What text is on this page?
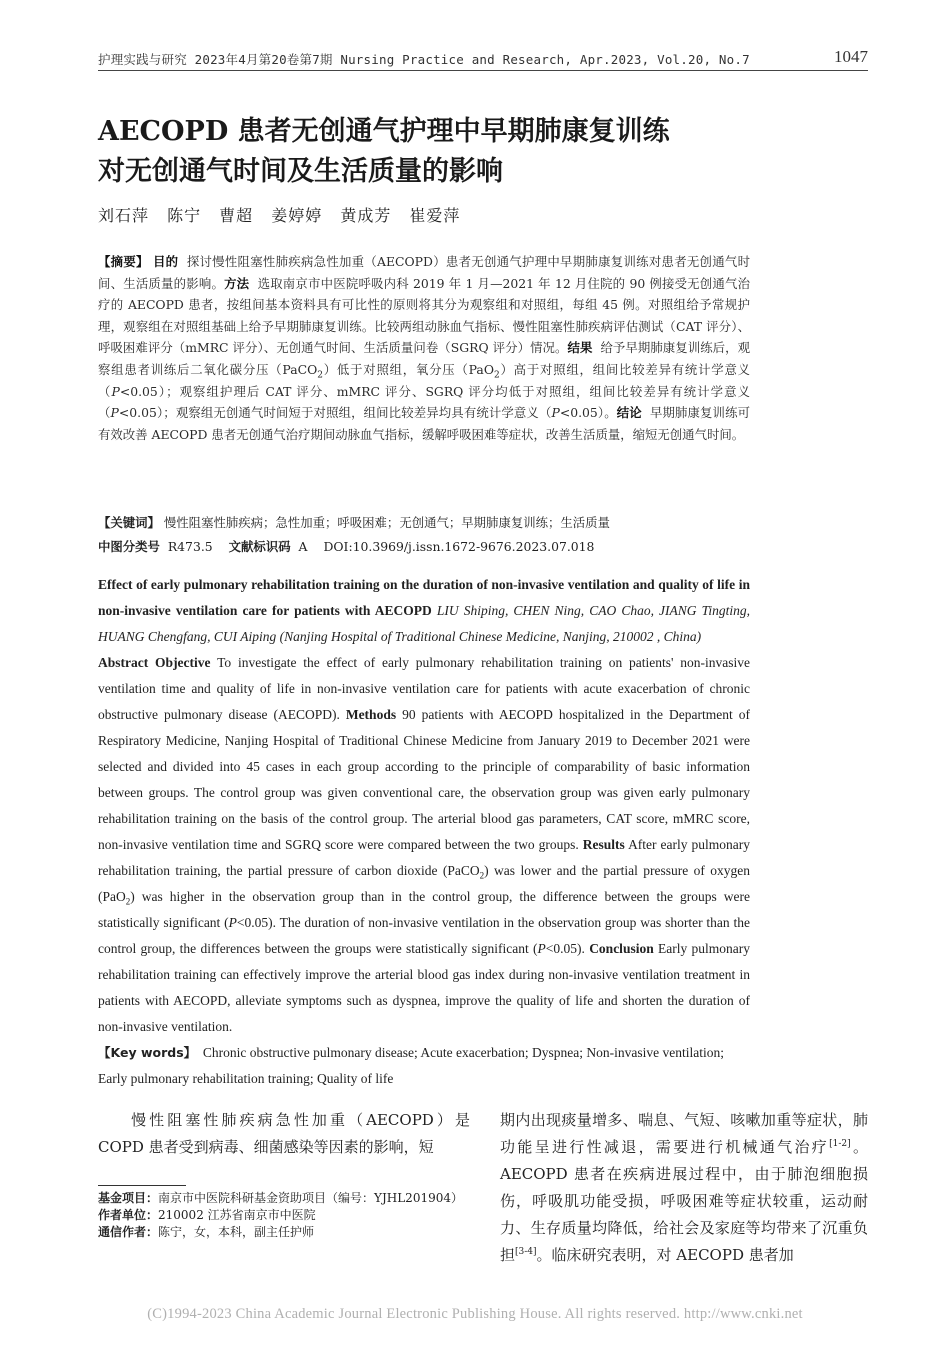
护理实践与研究 2023年4月第20卷第7期 Nursing Practice and Research, Apr.2023, Vol.20, No.7	1047
AECOPD 患者无创通气护理中早期肺康复训练
对无创通气时间及生活质量的影响
刘石萍 陈宁 曹超 姜婷婷 黄成芳 崔爱萍
【摘要】 目的 探讨慢性阻塞性肺疾病急性加重（AECOPD）患者无创通气护理中早期肺康复训练对患者无创通气时间、生活质量的影响。方法 选取南京市中医院呼吸内科 2019 年 1 月—2021 年 12 月住院的 90 例接受无创通气治疗的 AECOPD 患者，按组间基本资料具有可比性的原则将其分为观察组和对照组，每组 45 例。对照组给予常规护理，观察组在对照组基础上给予早期肺康复训练。比较两组动脉血气指标、慢性阻塞性肺疾病评估测试（CAT 评分）、呼吸困难评分（mMRC 评分）、无创通气时间、生活质量问卷（SGRQ 评分）情况。结果 给予早期肺康复训练后，观察组患者训练后二氧化碳分压（PaCO$_2$）低于对照组，氧分压（PaO$_2$）高于对照组，组间比较差异有统计学意义（P<0.05）；观察组护理后 CAT 评分、mMRC 评分、SGRQ 评分均低于对照组，组间比较差异有统计学意义（P<0.05）；观察组无创通气时间短于对照组，组间比较差异均具有统计学意义（P<0.05）。结论 早期肺康复训练可有效改善 AECOPD 患者无创通气治疗期间动脉血气指标，缓解呼吸困难等症状，改善生活质量，缩短无创通气时间。
【关键词】 慢性阻塞性肺疾病；急性加重；呼吸困难；无创通气；早期肺康复训练；生活质量
中图分类号 R473.5 文献标识码 A DOI:10.3969/j.issn.1672-9676.2023.07.018
Effect of early pulmonary rehabilitation training on the duration of non-invasive ventilation and quality of life in non-invasive ventilation care for patients with AECOPD LIU Shiping, CHEN Ning, CAO Chao, JIANG Tingting, HUANG Chengfang, CUI Aiping (Nanjing Hospital of Traditional Chinese Medicine, Nanjing, 210002 , China)
Abstract Objective To investigate the effect of early pulmonary rehabilitation training on patients' non-invasive ventilation time and quality of life in non-invasive ventilation care for patients with acute exacerbation of chronic obstructive pulmonary disease (AECOPD). Methods 90 patients with AECOPD hospitalized in the Department of Respiratory Medicine, Nanjing Hospital of Traditional Chinese Medicine from January 2019 to December 2021 were selected and divided into 45 cases in each group according to the principle of comparability of basic information between groups. The control group was given conventional care, the observation group was given early pulmonary rehabilitation training on the basis of the control group. The arterial blood gas parameters, CAT score, mMRC score, non-invasive ventilation time and SGRQ score were compared between the two groups. Results After early pulmonary rehabilitation training, the partial pressure of carbon dioxide (PaCO$_2$) was lower and the partial pressure of oxygen (PaO$_2$) was higher in the observation group than in the control group, the difference between the groups were statistically significant (P<0.05). The duration of non-invasive ventilation in the observation group was shorter than the control group, the differences between the groups were statistically significant (P<0.05). Conclusion Early pulmonary rehabilitation training can effectively improve the arterial blood gas index during non-invasive ventilation treatment in patients with AECOPD, alleviate symptoms such as dyspnea, improve the quality of life and shorten the duration of non-invasive ventilation.
【Key words】 Chronic obstructive pulmonary disease; Acute exacerbation; Dyspnea; Non-invasive ventilation; Early pulmonary rehabilitation training; Quality of life
慢性阻塞性肺疾病急性加重（AECOPD）是 COPD 患者受到病毒、细菌感染等因素的影响，短
基金项目：南京市中医院科研基金资助项目（编号：YJHL201904）
作者单位：210002 江苏省南京市中医院
通信作者：陈宁，女，本科，副主任护师
期内出现痰量增多、喘息、气短、咳嗽加重等症状，肺功能呈进行性减退，需要进行机械通气治疗[1-2]。AECOPD 患者在疾病进展过程中，由于肺泡细胞损伤，呼吸肌功能受损，呼吸困难等症状较重，运动耐力、生存质量均降低，给社会及家庭等均带来了沉重负担[3-4]。临床研究表明，对 AECOPD 患者加
(C)1994-2023 China Academic Journal Electronic Publishing House. All rights reserved. http://www.cnki.net
